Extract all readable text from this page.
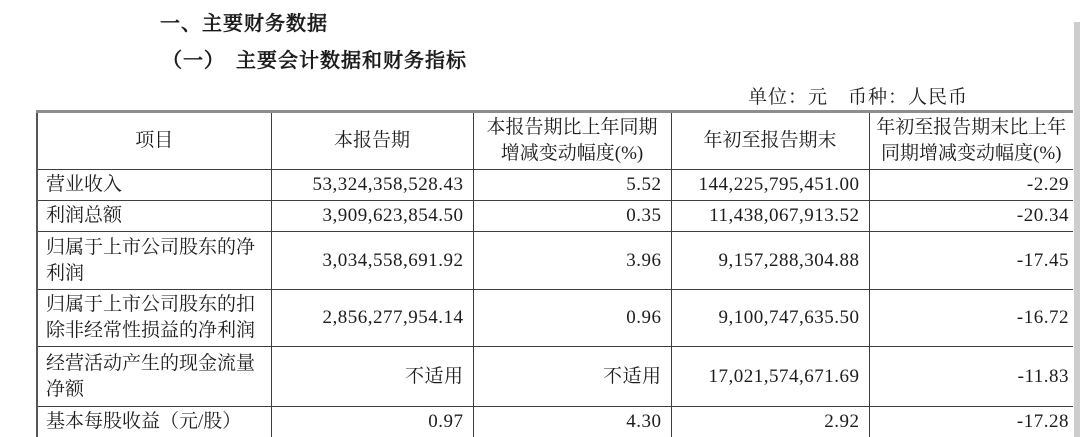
一、主要财务数据
（一）　主要会计数据和财务指标
单位：元　币种：人民币
项目	本报告期	本报告期比上年同期增减变动幅度(%)	年初至报告期末	年初至报告期末比上年同期增减变动幅度(%)
营业收入	53,324,358,528.43	5.52	144,225,795,451.00	-2.29
利润总额	3,909,623,854.50	0.35	11,438,067,913.52	-20.34
归属于上市公司股东的净利润	3,034,558,691.92	3.96	9,157,288,304.88	-17.45
归属于上市公司股东的扣除非经常性损益的净利润	2,856,277,954.14	0.96	9,100,747,635.50	-16.72
经营活动产生的现金流量净额	不适用	不适用	17,021,574,671.69	-11.83
基本每股收益（元/股）	0.97	4.30	2.92	-17.28
